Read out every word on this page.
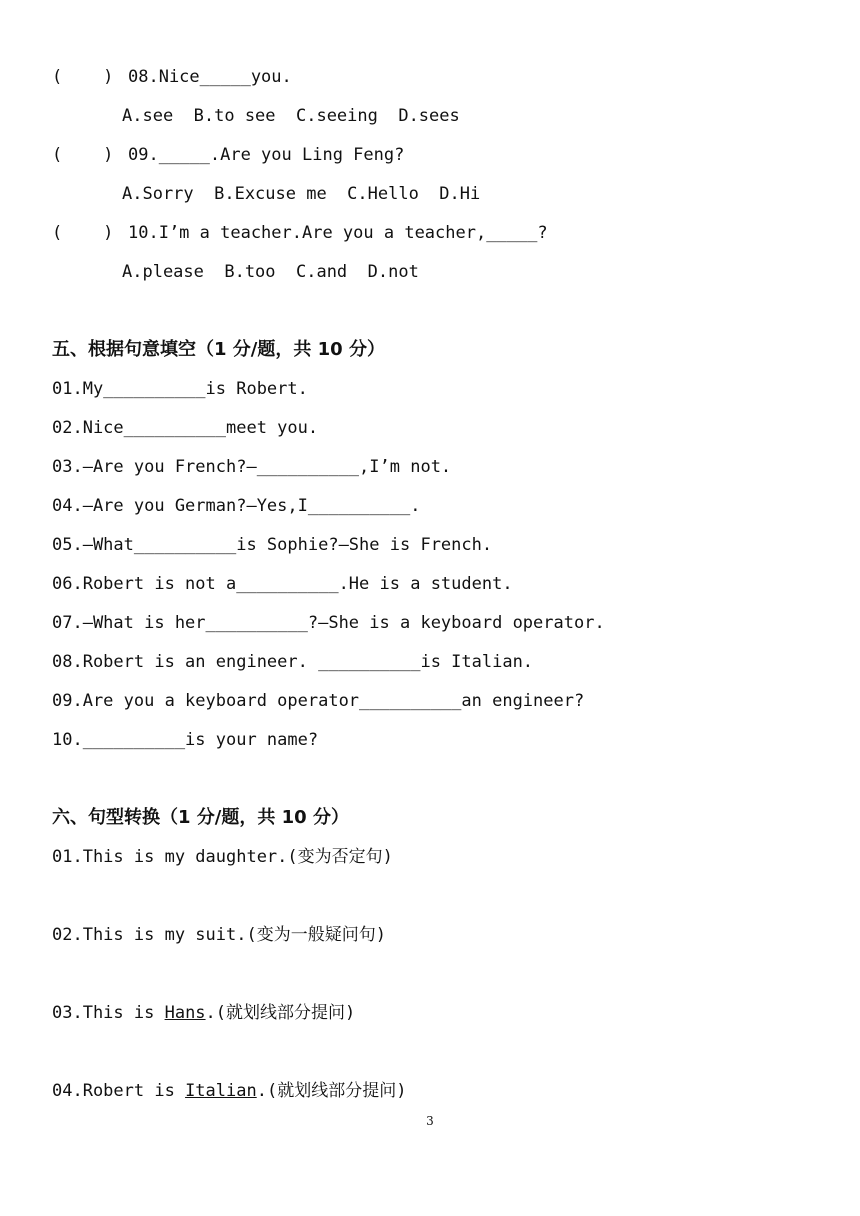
(    ) 08.Nice_____you.
A.see  B.to see  C.seeing  D.sees
(    ) 09._____.Are you Ling Feng?
A.Sorry  B.Excuse me  C.Hello  D.Hi
(    ) 10.I’m a teacher.Are you a teacher,_____?
A.please  B.too  C.and  D.not
五、根据句意填空（1 分/题，共 10 分）
01.My__________is Robert.
02.Nice__________meet you.
03.—Are you French?—__________,I’m not.
04.—Are you German?—Yes,I__________.
05.—What__________is Sophie?—She is French.
06.Robert is not a__________.He is a student.
07.—What is her__________?—She is a keyboard operator.
08.Robert is an engineer. __________is Italian.
09.Are you a keyboard operator__________an engineer?
10.__________is your name?
六、句型转换（1 分/题，共 10 分）
01.This is my daughter.(变为否定句)
02.This is my suit.(变为一般疑问句)
03.This is Hans.(就划线部分提问)
04.Robert is Italian.(就划线部分提问)
3
